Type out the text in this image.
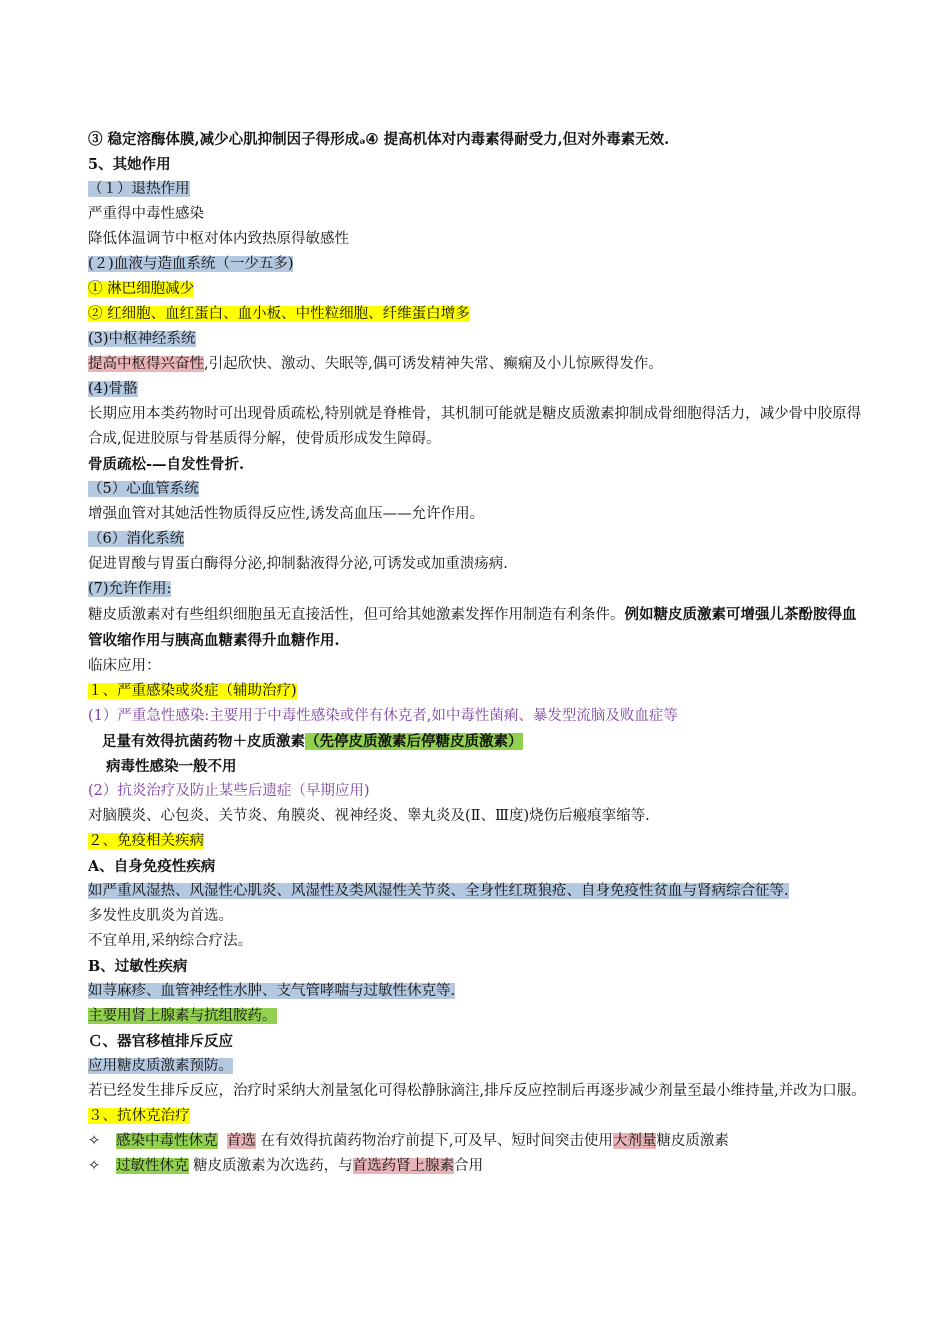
③ 稳定溶酶体膜,减少心肌抑制因子得形成ₔ④ 提高机体对内毒素得耐受力,但对外毒素无效.
5、其她作用
（１）退热作用
严重得中毒性感染
降低体温调节中枢对体内致热原得敏感性
(２)血液与造血系统（一少五多)
① 淋巴细胞减少
② 红细胞、血红蛋白、血小板、中性粒细胞、纤维蛋白增多
(3)中枢神经系统
提高中枢得兴奋性,引起欣快、激动、失眠等,偶可诱发精神失常、癫痫及小儿惊厥得发作。
(4)骨骼
长期应用本类药物时可出现骨质疏松,特别就是脊椎骨，其机制可能就是糖皮质激素抑制成骨细胞得活力，减少骨中胶原得合成,促进胶原与骨基质得分解，使骨质形成发生障碍。
骨质疏松-—自发性骨折.
（5）心血管系统
增强血管对其她活性物质得反应性,诱发高血压——允许作用。
（6）消化系统
促进胃酸与胃蛋白酶得分泌,抑制黏液得分泌,可诱发或加重溃疡病.
(7)允许作用:
糖皮质激素对有些组织细胞虽无直接活性，但可给其她激素发挥作用制造有利条件。例如糖皮质激素可增强儿茶酚胺得血管收缩作用与胰高血糖素得升血糖作用.
临床应用：
１、严重感染或炎症（辅助治疗)
(1）严重急性感染:主要用于中毒性感染或伴有休克者,如中毒性菌痢、暴发型流脑及败血症等
足量有效得抗菌药物＋皮质激素（先停皮质激素后停糖皮质激素）
病毒性感染一般不用
(2）抗炎治疗及防止某些后遗症（早期应用)
对脑膜炎、心包炎、关节炎、角膜炎、视神经炎、睾丸炎及(Ⅱ、Ⅲ度)烧伤后瘢痕挛缩等.
２、免疫相关疾病
A、自身免疫性疾病
如严重风湿热、风湿性心肌炎、风湿性及类风湿性关节炎、全身性红斑狼疮、自身免疫性贫血与肾病综合征等.
多发性皮肌炎为首选。
不宜单用,采纳综合疗法。
B、过敏性疾病
如荨麻疹、血管神经性水肿、支气管哮喘与过敏性休克等.
主要用肾上腺素与抗组胺药。
Ｃ、器官移植排斥反应
应用糖皮质激素预防。
若已经发生排斥反应，治疗时采纳大剂量氢化可得松静脉滴注,排斥反应控制后再逐步减少剂量至最小维持量,并改为口服。
３、抗休克治疗
✧ 感染中毒性休克 首选 在有效得抗菌药物治疗前提下,可及早、短时间突击使用大剂量糖皮质激素
✧ 过敏性休克 糖皮质激素为次选药，与首选药肾上腺素合用
